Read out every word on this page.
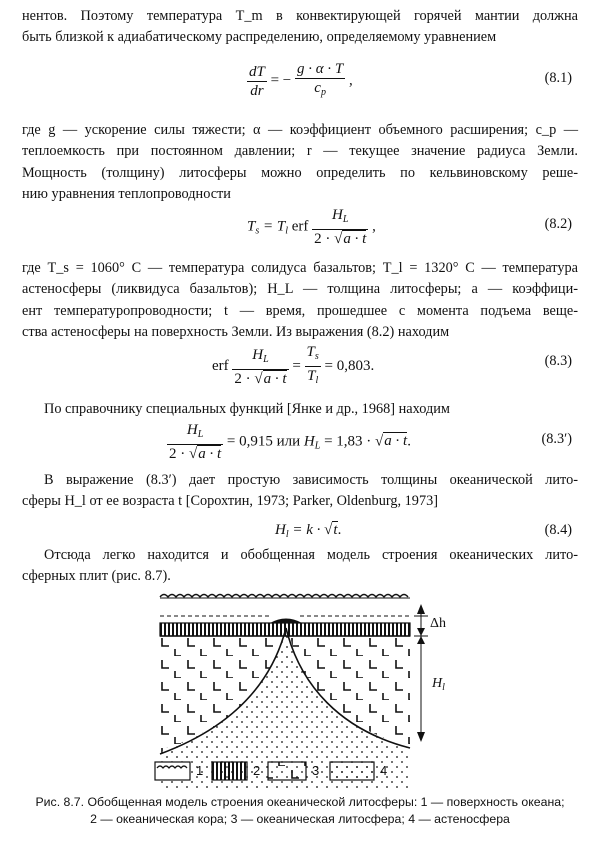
нентов. Поэтому температура T_m в конвектирующей горячей мантии должна
быть близкой к адиабатическому распределению, определяемому уравнением
$\frac{dT}{dr}$ = − $\frac{g \cdot \alpha \cdot T}{c_p}$ ,	(8.1)
где g — ускорение силы тяжести; α — коэффициент объемного расширения; c_p —
теплоемкость при постоянном давлении; r — текущее значение радиуса Земли.
Мощность (толщину) литосферы можно определить по кельвиновскому решe-
нию уравнения теплопроводности
$T_s = T_l$ erf $\frac{H_L}{2 \cdot √a \cdot t}$ ,	(8.2)
где T_s = 1060° С — температура солидуса базальтов; T_l = 1320° С — температура
астеносферы (ликвидуса базальтов); H_L — толщина литосферы; a — коэффици-
ент температуропроводности; t — время, прошедшее с момента подъема веще-
ства астеносферы на поверхность Земли. Из выражения (8.2) находим
erf $\frac{H_L}{2 \cdot √a \cdot t} = \frac{T_s}{T_l} = 0,803$.	(8.3)
По справочнику специальных функций [Янке и др., 1968] находим
$\frac{H_L}{2 \cdot √a \cdot t} = 0,915$ или $H_L = 1,83 \cdot √a \cdot t$.	(8.3′)
В выражение (8.3′) дает простую зависимость толщины океанической лито-
сферы H_l от ее возраста t [Сорохтин, 1973; Parker, Oldenburg, 1973]
$H_l = k \cdot √t$.	(8.4)
Отсюда легко находится и обобщенная модель строения океанических лито-
сферных плит (рис. 8.7).
Δh
$H_l$
1	2	3	4
Рис. 8.7. Обобщенная модель строения океанической литосферы: 1 — поверхность океана;
2 — океаническая кора; 3 — океаническая литосфера; 4 — астеносфера
